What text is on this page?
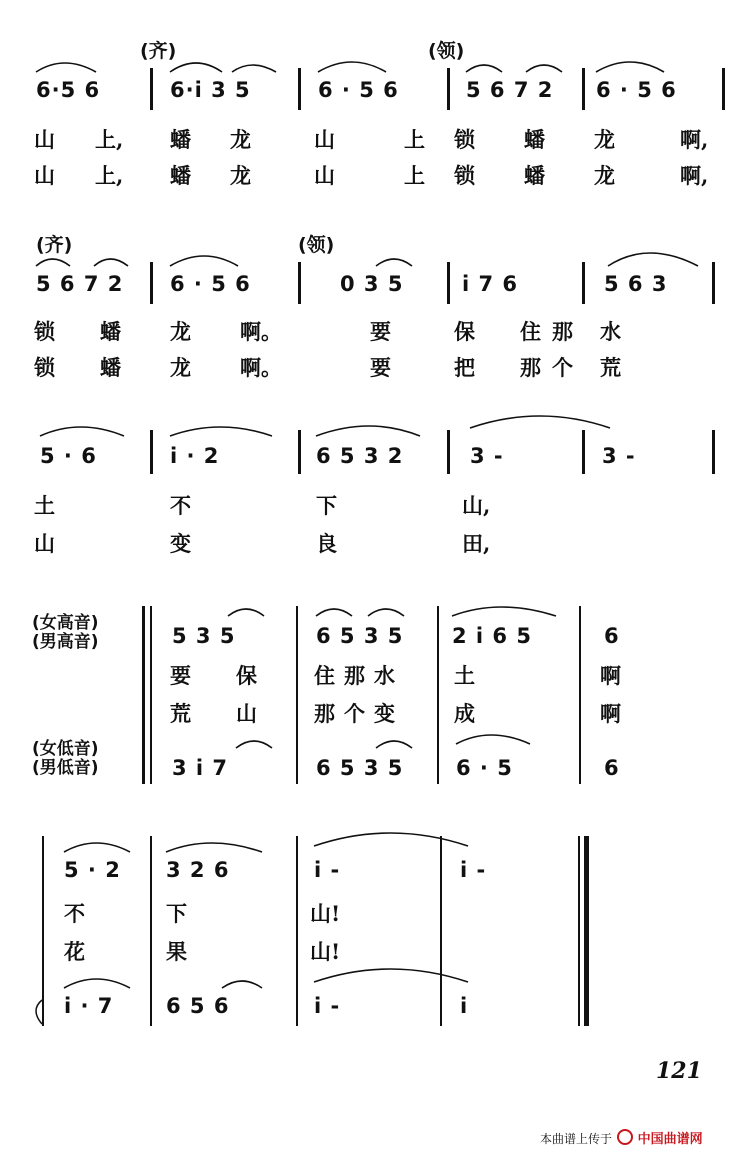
(齐)	(领)
6·5 6	6·i 3 5	6 · 5 6	5 6 7 2 6 · 5 6
山 上, 蟠 龙	山	上 锁 蟠 龙	啊,
山 上, 蟠 龙	山	上 锁 蟠 龙	啊,
(齐)	(领)
5 6 7 2 6 · 5 6	0 3 5	i 7 6	5 6 3
锁 蟠 龙 啊。	要	保 住 那 水
锁 蟠 龙 啊。	要	把 那 个 荒
5 · 6	i · 2	6 5 3 2	3 -	3 -
土	不	下	山,
山	变	良	田,
(女高音)
(男高音)
(女低音)
(男低音)
5 3 5	6 5 3 5 2 i 6 5	6
要 保	住 那 水	土	啊
荒 山	那 个 变	成	啊
3 i 7	6 5 3 5	6 · 5	6
5 · 2 3 2 6	i -	i -
不	下	山!
花	果	山!
i · 7	6 5 6	i -	i
121
本曲谱上传于 中国曲谱网
